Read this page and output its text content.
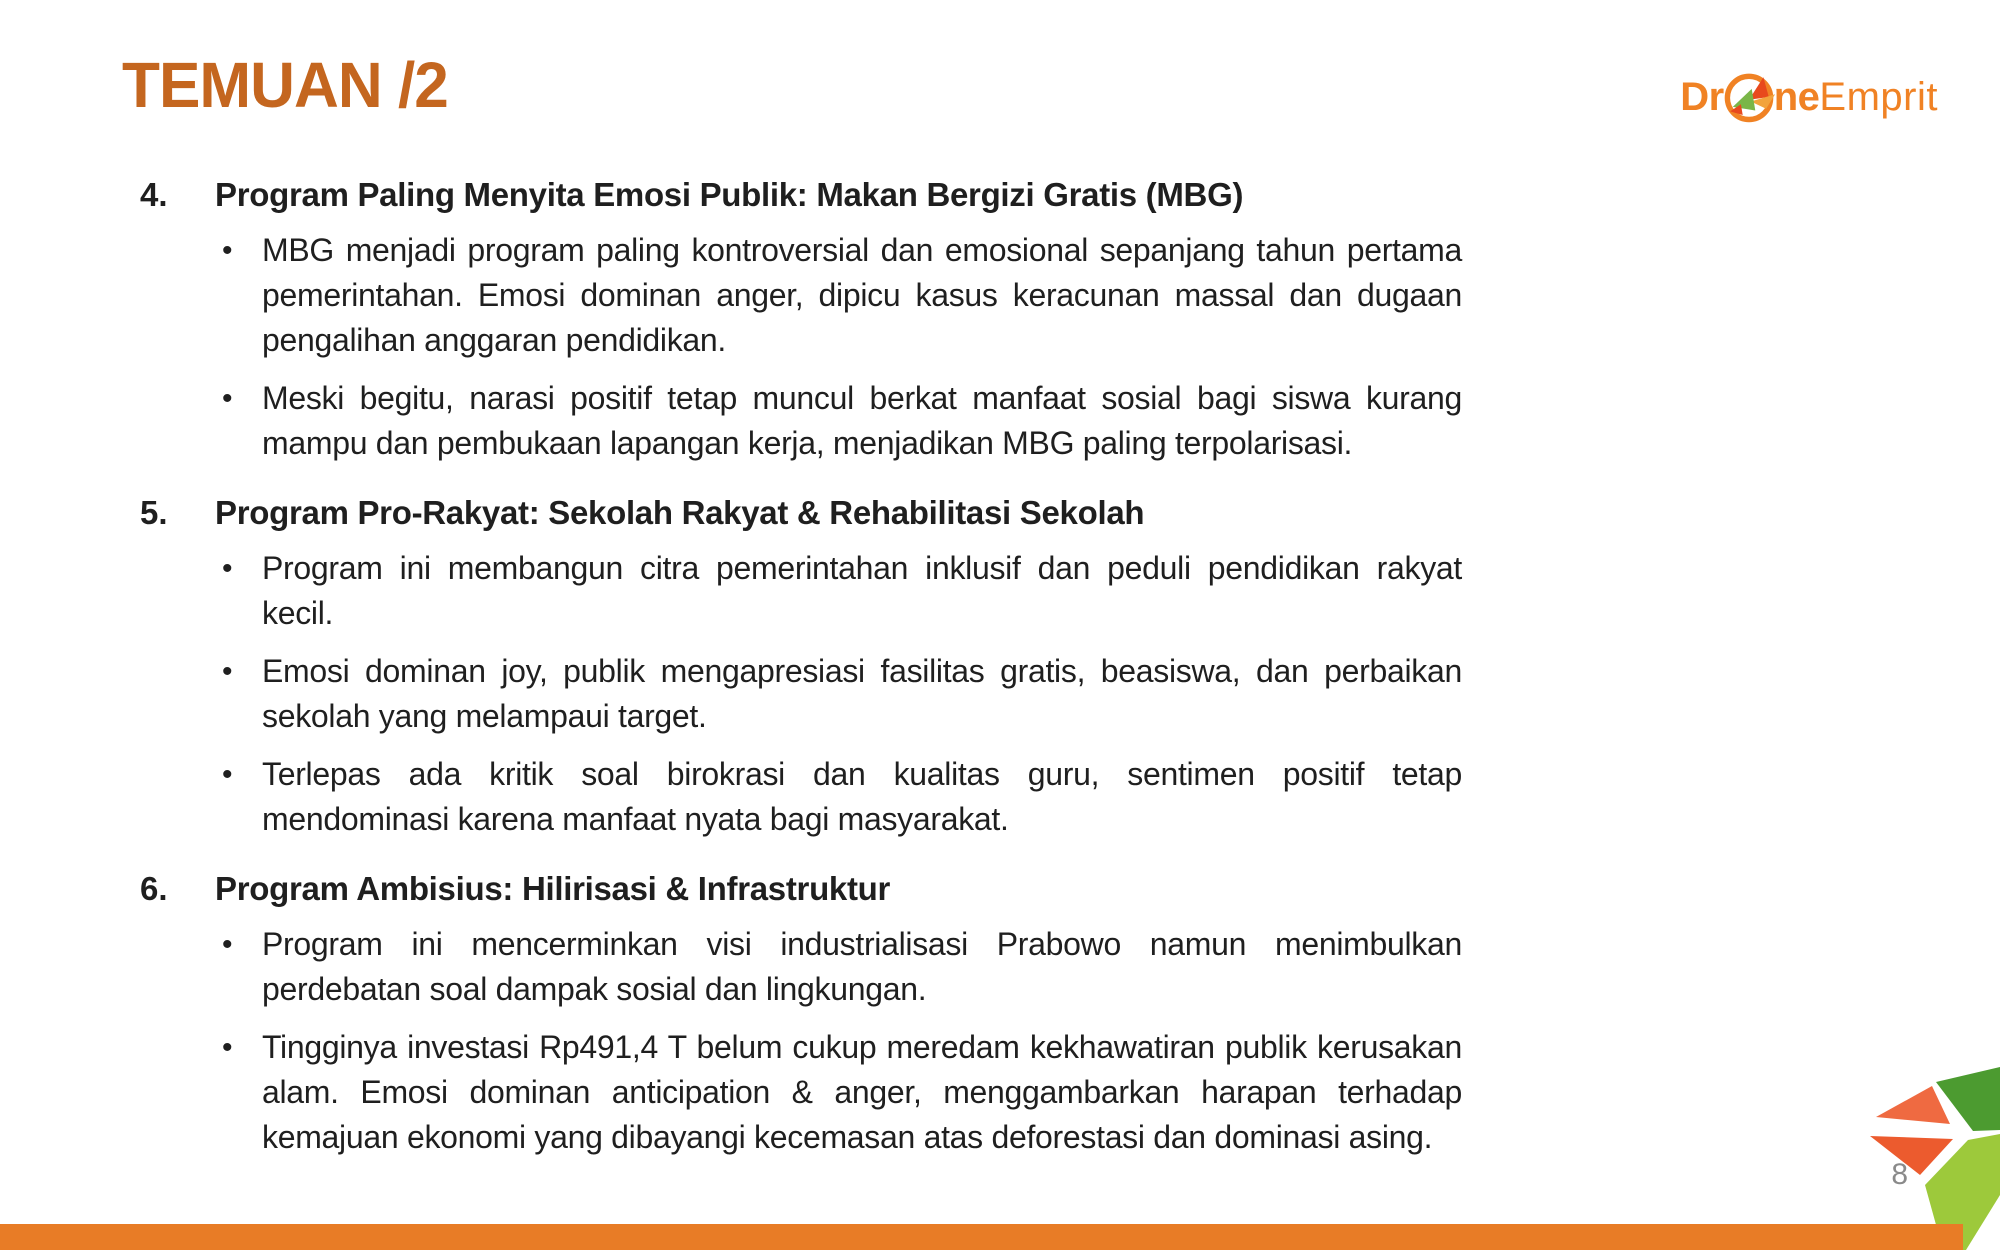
TEMUAN /2	Dr ne Emprit
4.	Program Paling Menyita Emosi Publik: Makan Bergizi Gratis (MBG)
• MBG menjadi program paling kontroversial dan emosional sepanjang tahun pertama pemerintahan. Emosi dominan anger, dipicu kasus keracunan massal dan dugaan pengalihan anggaran pendidikan.

• Meski begitu, narasi positif tetap muncul berkat manfaat sosial bagi siswa kurang mampu dan pembukaan lapangan kerja, menjadikan MBG paling terpolarisasi.

5.	Program Pro-Rakyat: Sekolah Rakyat & Rehabilitasi Sekolah
• Program ini membangun citra pemerintahan inklusif dan peduli pendidikan rakyat kecil.

• Emosi dominan joy, publik mengapresiasi fasilitas gratis, beasiswa, dan perbaikan sekolah yang melampaui target.

• Terlepas ada kritik soal birokrasi dan kualitas guru, sentimen positif tetap mendominasi karena manfaat nyata bagi masyarakat.

6.	Program Ambisius: Hilirisasi & Infrastruktur
• Program ini mencerminkan visi industrialisasi Prabowo namun menimbulkan perdebatan soal dampak sosial dan lingkungan.

• Tingginya investasi Rp491,4 T belum cukup meredam kekhawatiran publik kerusakan alam. Emosi dominan anticipation & anger, menggambarkan harapan terhadap kemajuan ekonomi yang dibayangi kecemasan atas deforestasi dan dominasi asing.

8
